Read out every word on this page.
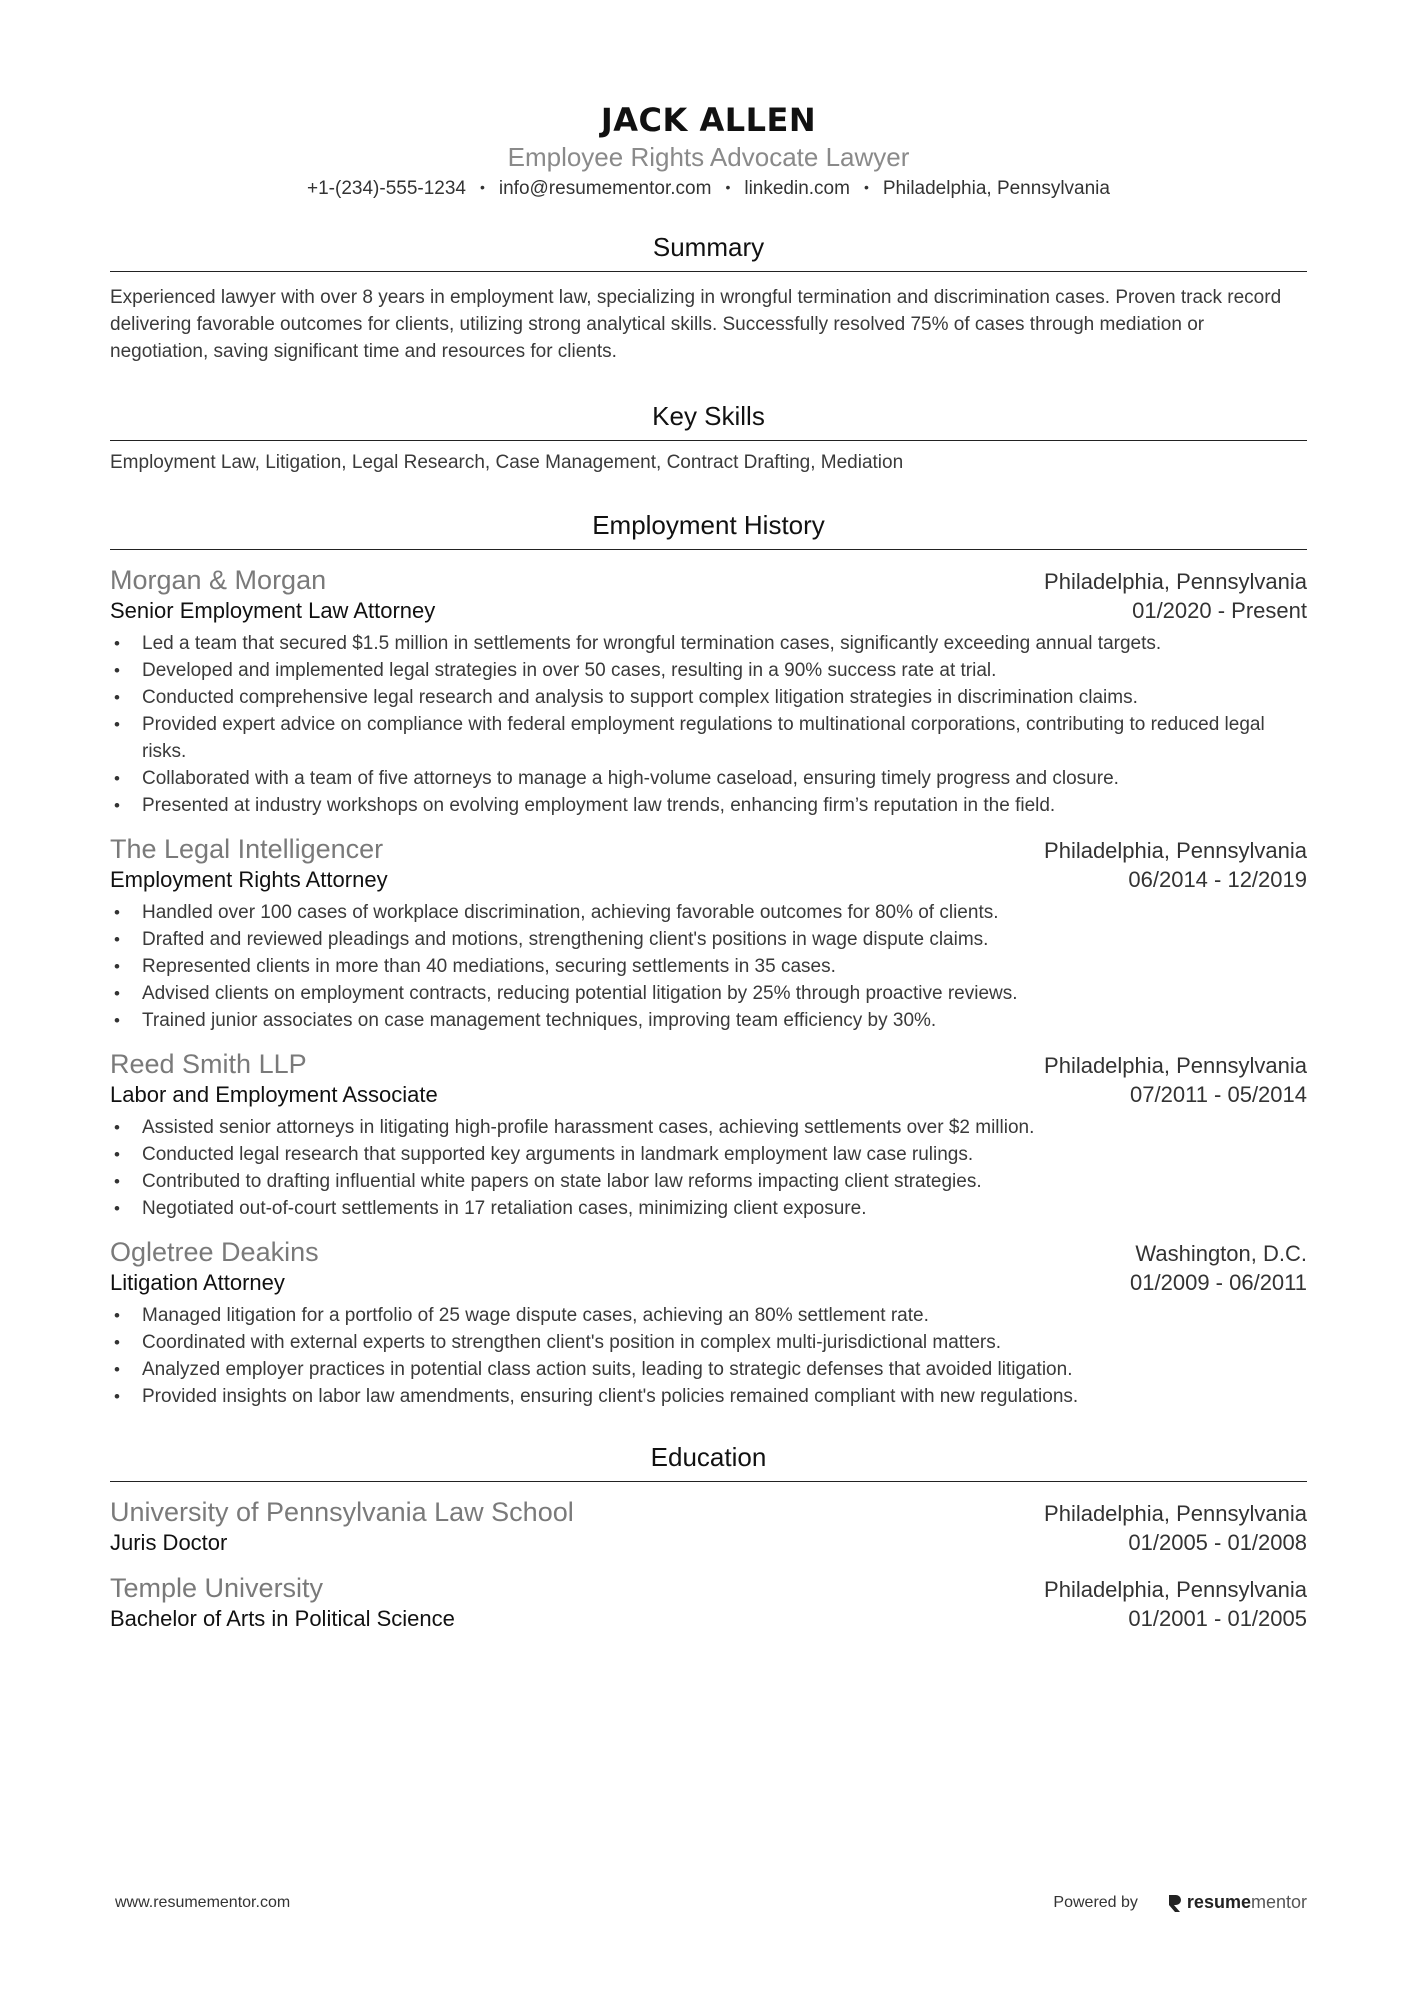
JACK ALLEN
Employee Rights Advocate Lawyer
+1-(234)-555-1234 • info@resumementor.com • linkedin.com • Philadelphia, Pennsylvania
Summary

Experienced lawyer with over 8 years in employment law, specializing in wrongful termination and discrimination cases. Proven track record delivering favorable outcomes for clients, utilizing strong analytical skills. Successfully resolved 75% of cases through mediation or negotiation, saving significant time and resources for clients.

Key Skills

Employment Law, Litigation, Legal Research, Case Management, Contract Drafting, Mediation

Employment History
Morgan & Morgan	Philadelphia, Pennsylvania
Senior Employment Law Attorney	01/2020 - Present
• Led a team that secured $1.5 million in settlements for wrongful termination cases, significantly exceeding annual targets.
• Developed and implemented legal strategies in over 50 cases, resulting in a 90% success rate at trial.
• Conducted comprehensive legal research and analysis to support complex litigation strategies in discrimination claims.
• Provided expert advice on compliance with federal employment regulations to multinational corporations, contributing to reduced legal risks.
• Collaborated with a team of five attorneys to manage a high-volume caseload, ensuring timely progress and closure.
• Presented at industry workshops on evolving employment law trends, enhancing firm’s reputation in the field.
The Legal Intelligencer	Philadelphia, Pennsylvania
Employment Rights Attorney	06/2014 - 12/2019
• Handled over 100 cases of workplace discrimination, achieving favorable outcomes for 80% of clients.
• Drafted and reviewed pleadings and motions, strengthening client's positions in wage dispute claims.
• Represented clients in more than 40 mediations, securing settlements in 35 cases.
• Advised clients on employment contracts, reducing potential litigation by 25% through proactive reviews.
• Trained junior associates on case management techniques, improving team efficiency by 30%.
Reed Smith LLP	Philadelphia, Pennsylvania
Labor and Employment Associate	07/2011 - 05/2014
• Assisted senior attorneys in litigating high-profile harassment cases, achieving settlements over $2 million.
• Conducted legal research that supported key arguments in landmark employment law case rulings.
• Contributed to drafting influential white papers on state labor law reforms impacting client strategies.
• Negotiated out-of-court settlements in 17 retaliation cases, minimizing client exposure.
Ogletree Deakins	Washington, D.C.
Litigation Attorney	01/2009 - 06/2011
• Managed litigation for a portfolio of 25 wage dispute cases, achieving an 80% settlement rate.
• Coordinated with external experts to strengthen client's position in complex multi-jurisdictional matters.
• Analyzed employer practices in potential class action suits, leading to strategic defenses that avoided litigation.
• Provided insights on labor law amendments, ensuring client's policies remained compliant with new regulations.
Education
University of Pennsylvania Law School	Philadelphia, Pennsylvania
Juris Doctor	01/2005 - 01/2008
Temple University	Philadelphia, Pennsylvania
Bachelor of Arts in Political Science	01/2001 - 01/2005
www.resumementor.com	Powered by	resume mentor
